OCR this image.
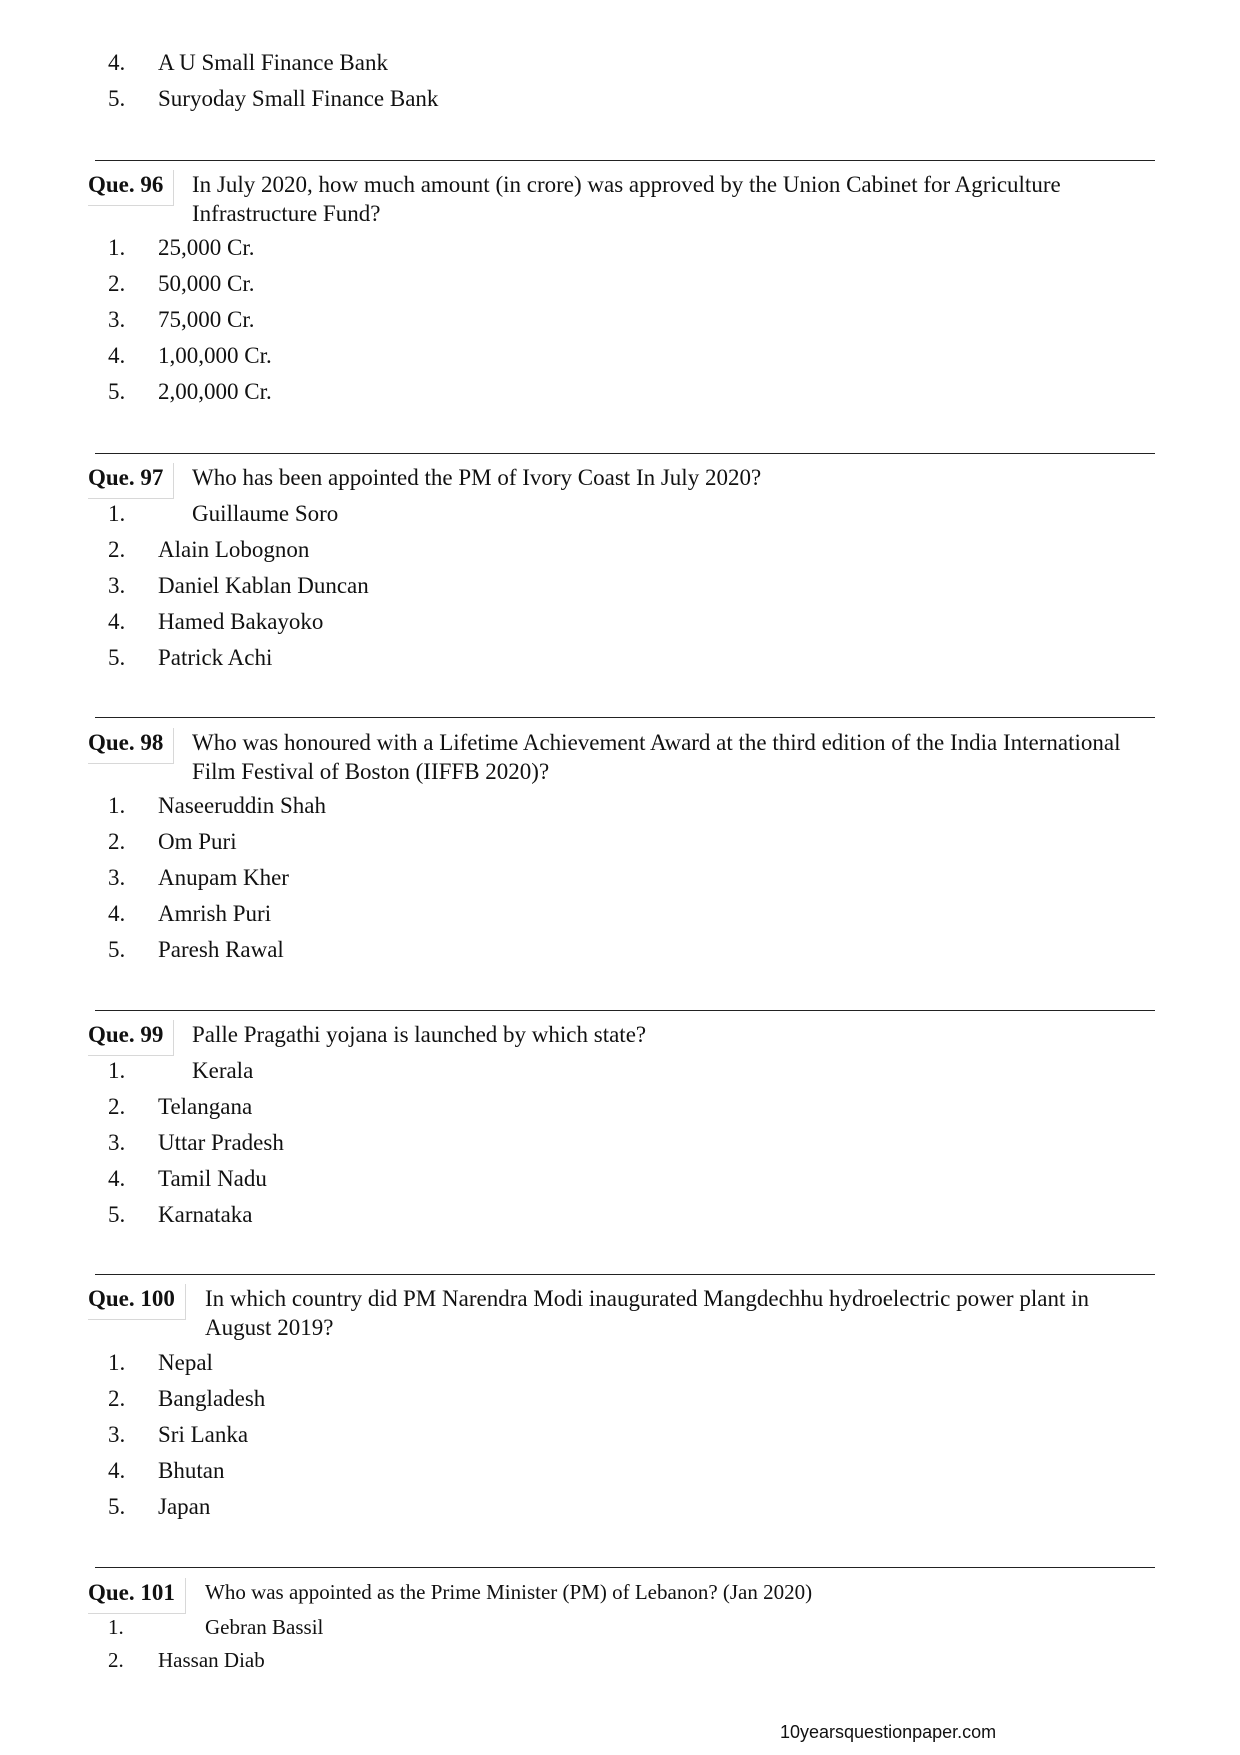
4. A U Small Finance Bank
5. Suryoday Small Finance Bank
Que. 96	In July 2020, how much amount (in crore) was approved by the Union Cabinet for Agriculture Infrastructure Fund?
1. 25,000 Cr.
2. 50,000 Cr.
3. 75,000 Cr.
4. 1,00,000 Cr.
5. 2,00,000 Cr.
Que. 97	Who has been appointed the PM of Ivory Coast In July 2020?
1.	Guillaume Soro
2. Alain Lobognon
3. Daniel Kablan Duncan
4. Hamed Bakayoko
5. Patrick Achi
Que. 98	Who was honoured with a Lifetime Achievement Award at the third edition of the India International Film Festival of Boston (IIFFB 2020)?
1. Naseeruddin Shah
2. Om Puri
3. Anupam Kher
4. Amrish Puri
5. Paresh Rawal
Que. 99	Palle Pragathi yojana is launched by which state?
1.	Kerala
2. Telangana
3. Uttar Pradesh
4. Tamil Nadu
5. Karnataka
Que. 100	In which country did PM Narendra Modi inaugurated Mangdechhu hydroelectric power plant in August 2019?
1. Nepal
2. Bangladesh
3. Sri Lanka
4. Bhutan
5. Japan
Que. 101	Who was appointed as the Prime Minister (PM) of Lebanon? (Jan 2020)
1.	Gebran Bassil
2. Hassan Diab
10yearsquestionpaper.com
